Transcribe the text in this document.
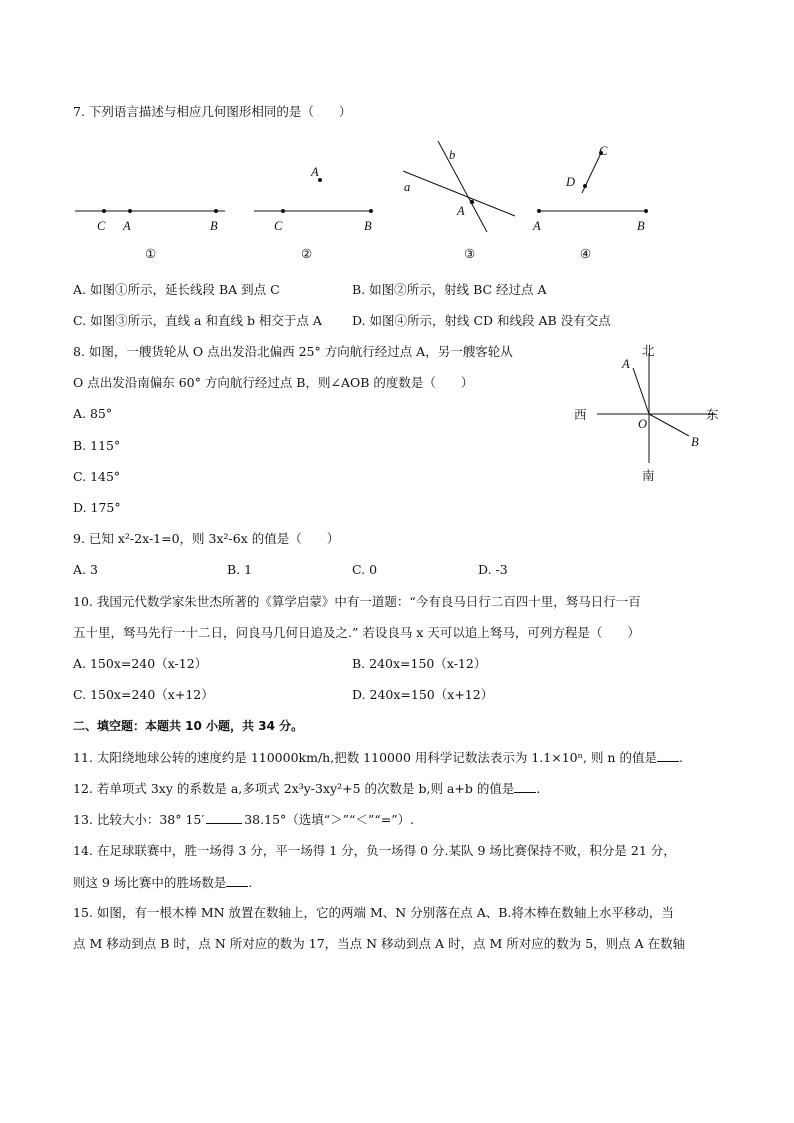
7. 下列语言描述与相应几何图形相同的是（　　）
C A	B
①
A
C	B
②
a
b
A
③
C
D
A	B
④
A. 如图①所示，延长线段 BA 到点 C	B. 如图②所示，射线 BC 经过点 A
C. 如图③所示，直线 a 和直线 b 相交于点 A D. 如图④所示，射线 CD 和线段 AB 没有交点
8. 如图，一艘货轮从 O 点出发沿北偏西 25° 方向航行经过点 A，另一艘客轮从
O 点出发沿南偏东 60° 方向航行经过点 B，则∠AOB 的度数是（　　）
A. 85°
B. 115°
C. 145°
D. 175°
北
南
西	东
O
A
B
9. 已知 x²-2x-1=0，则 3x²-6x 的值是（　　）
A. 3	B. 1	C. 0	D. -3
10. 我国元代数学家朱世杰所著的《算学启蒙》中有一道题：“今有良马日行二百四十里，驽马日行一百
五十里，驽马先行一十二日，问良马几何日追及之.” 若设良马 x 天可以追上驽马，可列方程是（　　）
A. 150x=240（x-12）	B. 240x=150（x-12）
C. 150x=240（x+12）	D. 240x=150（x+12）
二、填空题：本题共 10 小题，共 34 分。
11. 太阳绕地球公转的速度约是 110000km/h,把数 110000 用科学记数法表示为 1.1×10ⁿ, 则 n 的值是 .
12. 若单项式 3xy 的系数是 a,多项式 2x³y-3xy²+5 的次数是 b,则 a+b 的值是 .
13. 比较大小：38° 15′	38.15°（选填“＞”“＜”“=”）.
14. 在足球联赛中，胜一场得 3 分，平一场得 1 分，负一场得 0 分.某队 9 场比赛保持不败，积分是 21 分，
则这 9 场比赛中的胜场数是 .
15. 如图，有一根木棒 MN 放置在数轴上，它的两端 M、N 分别落在点 A、B.将木棒在数轴上水平移动，当
点 M 移动到点 B 时，点 N 所对应的数为 17，当点 N 移动到点 A 时，点 M 所对应的数为 5，则点 A 在数轴
